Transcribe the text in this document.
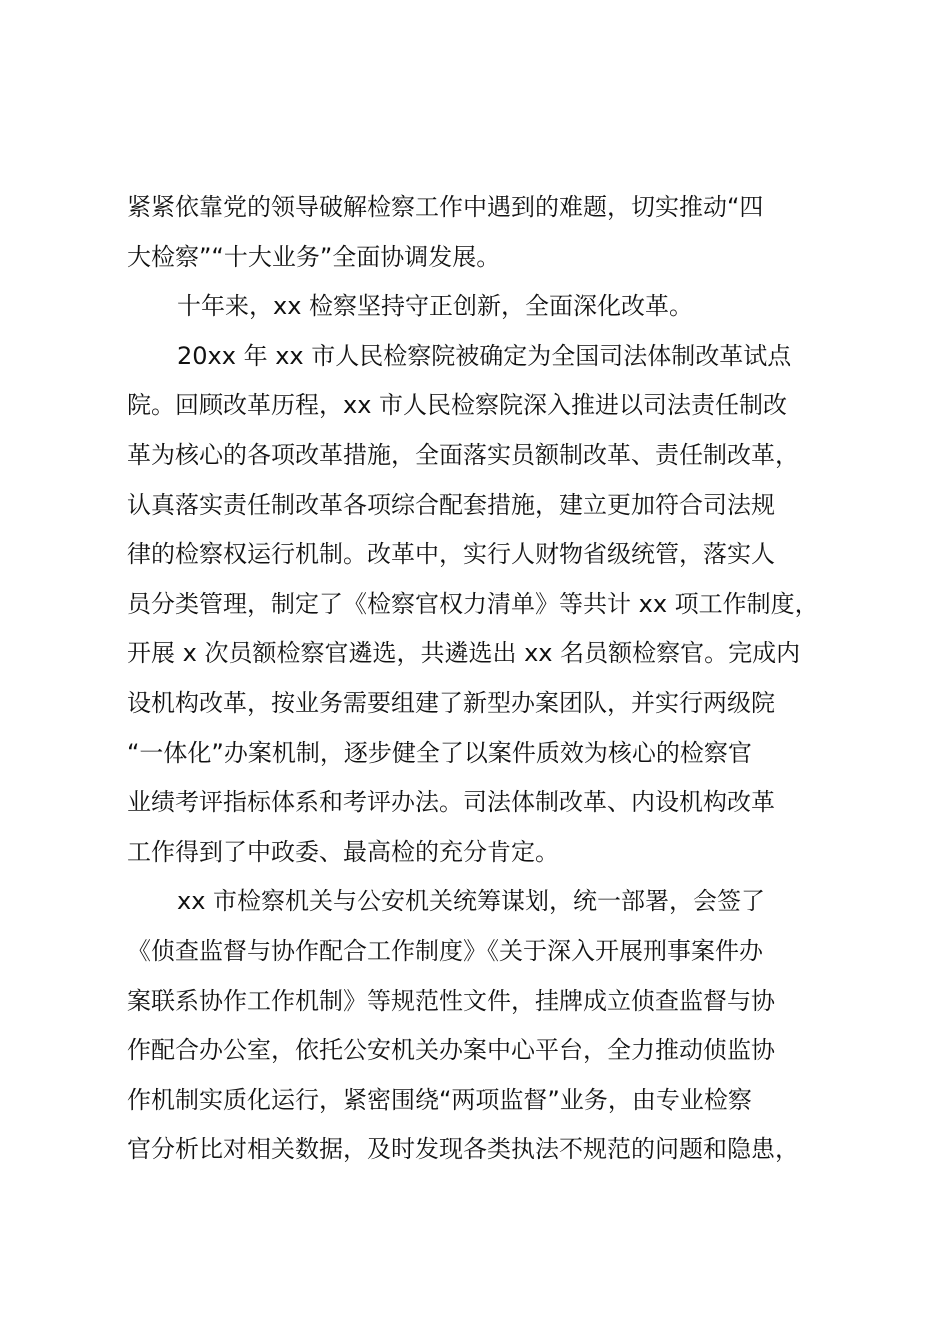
紧紧依靠党的领导破解检察工作中遇到的难题，切实推动“四
大检察”“十大业务”全面协调发展。
十年来，xx 检察坚持守正创新，全面深化改革。
20xx 年 xx 市人民检察院被确定为全国司法体制改革试点
院。回顾改革历程，xx 市人民检察院深入推进以司法责任制改
革为核心的各项改革措施，全面落实员额制改革、责任制改革，
认真落实责任制改革各项综合配套措施，建立更加符合司法规
律的检察权运行机制。改革中，实行人财物省级统管，落实人
员分类管理，制定了《检察官权力清单》等共计 xx 项工作制度，
开展 x 次员额检察官遴选，共遴选出 xx 名员额检察官。完成内
设机构改革，按业务需要组建了新型办案团队，并实行两级院
“一体化”办案机制，逐步健全了以案件质效为核心的检察官
业绩考评指标体系和考评办法。司法体制改革、内设机构改革
工作得到了中政委、最高检的充分肯定。
xx 市检察机关与公安机关统筹谋划，统一部署，会签了
《侦查监督与协作配合工作制度》《关于深入开展刑事案件办
案联系协作工作机制》等规范性文件，挂牌成立侦查监督与协
作配合办公室，依托公安机关办案中心平台，全力推动侦监协
作机制实质化运行，紧密围绕“两项监督”业务，由专业检察
官分析比对相关数据，及时发现各类执法不规范的问题和隐患，
